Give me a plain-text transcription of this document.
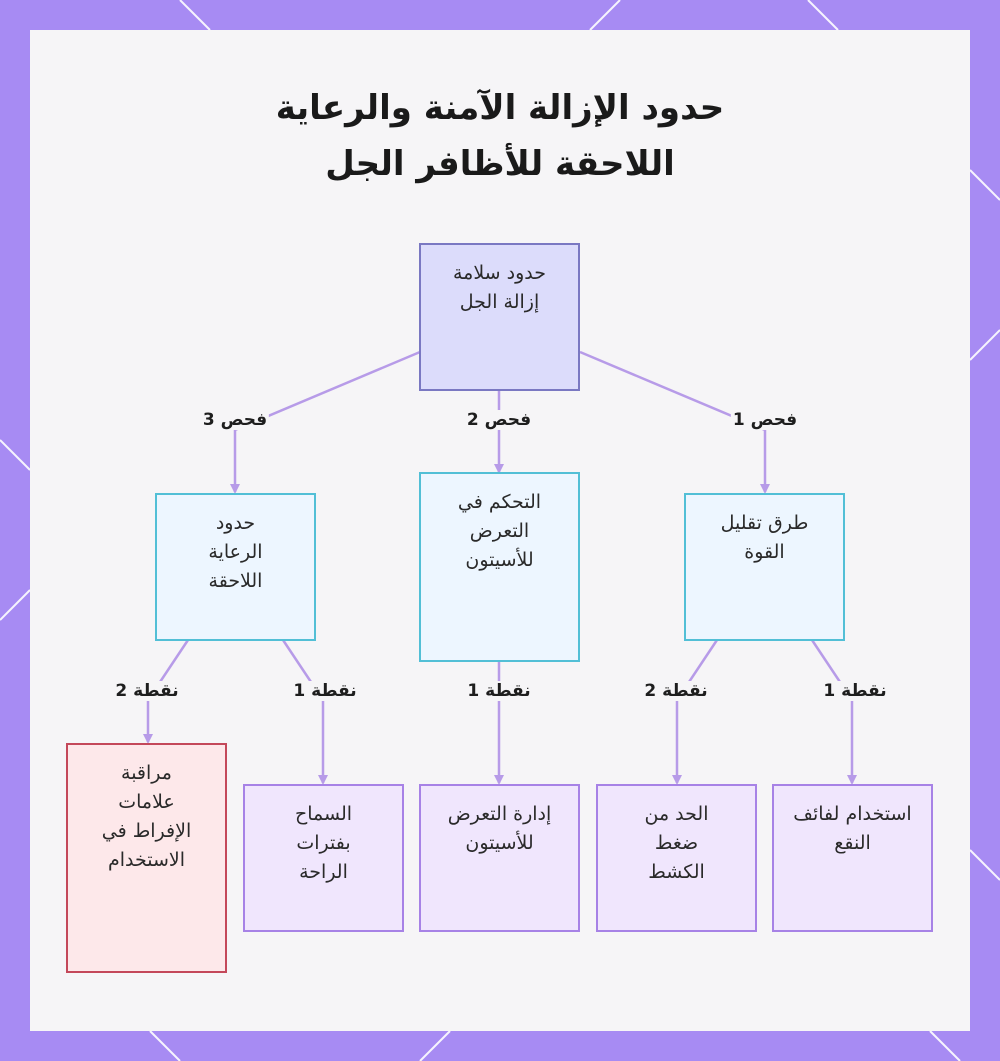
حدود الإزالة الآمنة والرعاية
اللاحقة للأظافر الجل
حدود سلامة إزالة الجل
طرق تقليل القوة
التحكم في التعرض للأسيتون
حدود الرعاية اللاحقة
استخدام لفائف النقع
الحد من ضغط الكشط
إدارة التعرض للأسيتون
السماح بفترات الراحة
مراقبة علامات الإفراط في الاستخدام
فحص 1
فحص 2
فحص 3
نقطة 1
نقطة 2
نقطة 1
نقطة 1
نقطة 2
